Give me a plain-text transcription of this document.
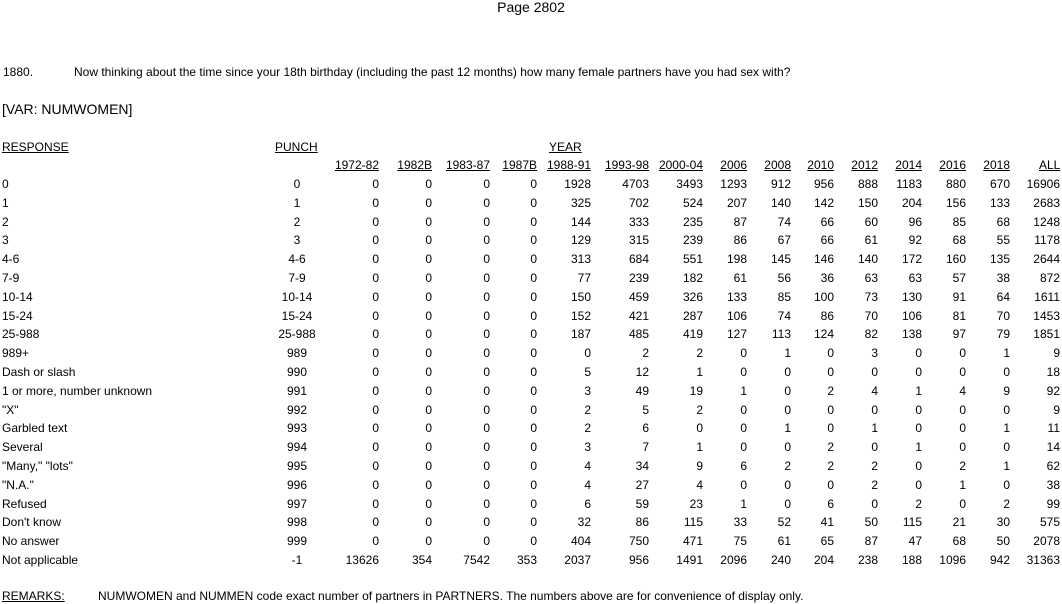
Page 2802
1880.	Now thinking about the time since your 18th birthday (including the past 12 months) how many female partners have you had sex with?
[VAR: NUMWOMEN]
RESPONSE	PUNCH	YEAR
1972-82 1982B 1983-87 1987B 1988-91 1993-98 2000-04 2006 2008 2010 2012 2014 2016 2018 ALL
0	0	0	0	0	0	1928	4703	3493	1293	912	956	888	1183	880	670	16906
1	1	0	0	0	0	325	702	524	207	140	142	150	204	156	133	2683
2	2	0	0	0	0	144	333	235	87	74	66	60	96	85	68	1248
3	3	0	0	0	0	129	315	239	86	67	66	61	92	68	55	1178
4-6	4-6	0	0	0	0	313	684	551	198	145	146	140	172	160	135	2644
7-9	7-9	0	0	0	0	77	239	182	61	56	36	63	63	57	38	872
10-14	10-14	0	0	0	0	150	459	326	133	85	100	73	130	91	64	1611
15-24	15-24	0	0	0	0	152	421	287	106	74	86	70	106	81	70	1453
25-988	25-988	0	0	0	0	187	485	419	127	113	124	82	138	97	79	1851
989+	989	0	0	0	0	0	2	2	0	1	0	3	0	0	1	9
Dash or slash	990	0	0	0	0	5	12	1	0	0	0	0	0	0	0	18
1 or more, number unknown	991	0	0	0	0	3	49	19	1	0	2	4	1	4	9	92
"X"	992	0	0	0	0	2	5	2	0	0	0	0	0	0	0	9
Garbled text	993	0	0	0	0	2	6	0	0	1	0	1	0	0	1	11
Several	994	0	0	0	0	3	7	1	0	0	2	0	1	0	0	14
"Many," "lots"	995	0	0	0	0	4	34	9	6	2	2	2	0	2	1	62
"N.A."	996	0	0	0	0	4	27	4	0	0	0	2	0	1	0	38
Refused	997	0	0	0	0	6	59	23	1	0	6	0	2	0	2	99
Don't know	998	0	0	0	0	32	86	115	33	52	41	50	115	21	30	575
No answer	999	0	0	0	0	404	750	471	75	61	65	87	47	68	50	2078
Not applicable	-1	13626	354	7542	353	2037	956	1491	2096	240	204	238	188	1096	942	31363
REMARKS:	NUMWOMEN and NUMMEN code exact number of partners in PARTNERS. The numbers above are for convenience of display only.
